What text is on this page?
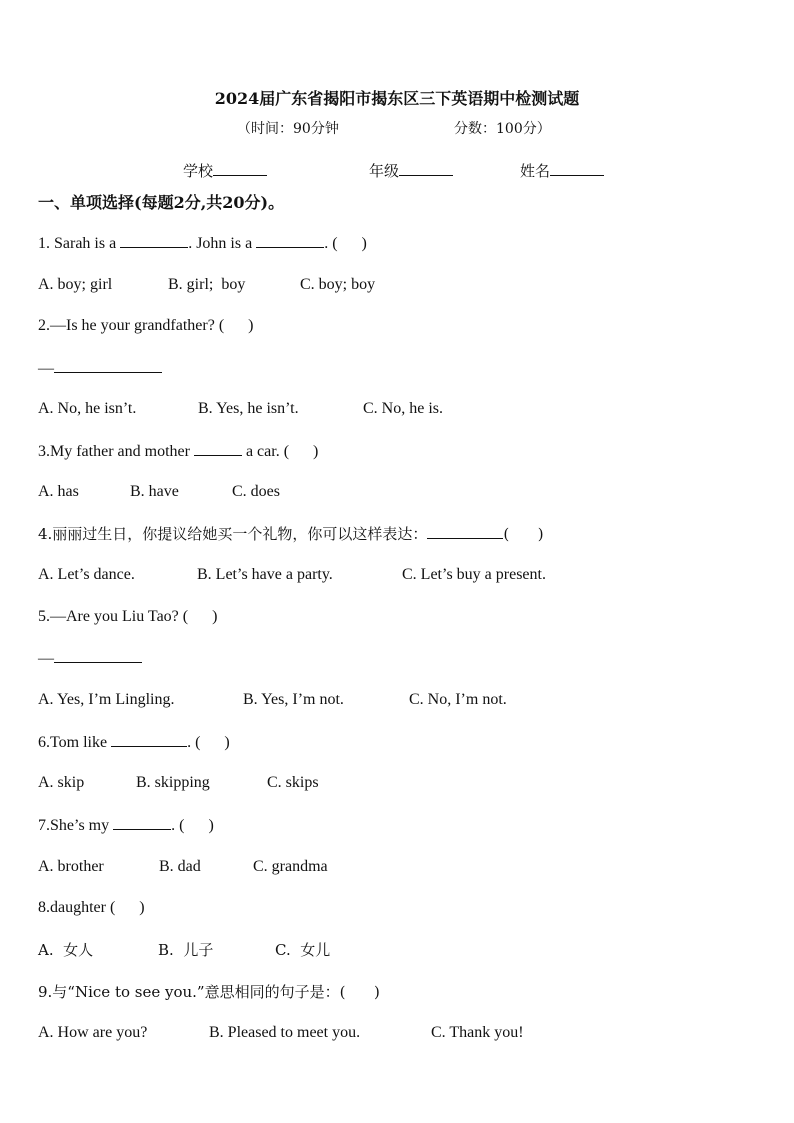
2024届广东省揭阳市揭东区三下英语期中检测试题
（时间：90分钟	分数：100分）
学校	年级	姓名
一、单项选择(每题2分,共20分)。
1. Sarah is a	. John is a	. (      )
A. boy; girl	B. girl;  boy	C. boy; boy
2.—Is he your grandfather? (      )
—
A. No, he isn’t.	B. Yes, he isn’t.	C. No, he is.
3.My father and mother	a car. (      )
A. has	B. have	C. does
4.丽丽过生日，你提议给她买一个礼物，你可以这样表达：	(      )
A. Let’s dance.	B. Let’s have a party.	C. Let’s buy a present.
5.—Are you Liu Tao? (      )
—
A. Yes, I’m Lingling.	B. Yes, I’m not.	C. No, I’m not.
6.Tom like	. (      )
A. skip	B. skipping	C. skips
7.She’s my	. (      )
A. brother	B. dad	C. grandma
8.daughter (      )
A.  女人	B.  儿子	C.  女儿
9.与“Nice to see you.”意思相同的句子是：(      )
A. How are you?	B. Pleased to meet you.	C. Thank you!
